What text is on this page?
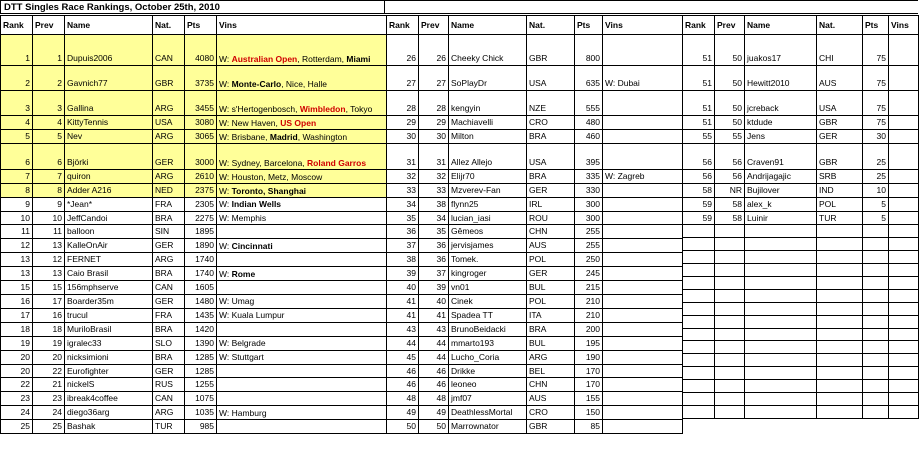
DTT Singles Race Rankings, October 25th, 2010
Rank	Prev	Name	Nat.	Pts	Vins
1	1	Dupuis2006	CAN	4080	W: Australian Open, Rotterdam, Miami
2	2	Gavnich77	GBR	3735	W: Monte-Carlo, Nice, Halle
3	3	Gallina	ARG	3455	W: s'Hertogenbosch, Wimbledon, Tokyo
4	4	KittyTennis	USA	3080	W: New Haven, US Open
5	5	Nev	ARG	3065	W: Brisbane, Madrid, Washington
6	6	Björki	GER	3000	W: Sydney, Barcelona, Roland Garros
7	7	quiron	ARG	2610	W: Houston, Metz, Moscow
8	8	Adder A216	NED	2375	W: Toronto, Shanghai
9	9	*Jean*	FRA	2305	W: Indian Wells
10	10	JeffCandoi	BRA	2275	W: Memphis
11	11	balloon	SIN	1895	
12	13	KalleOnAir	GER	1890	W: Cincinnati
13	12	FERNET	ARG	1740	
13	13	Caio Brasil	BRA	1740	W: Rome
15	15	156mphserve	CAN	1605	
16	17	Boarder35m	GER	1480	W: Umag
17	16	trucul	FRA	1435	W: Kuala Lumpur
18	18	MuriloBrasil	BRA	1420	
19	19	igralec33	SLO	1390	W: Belgrade
20	20	nicksimioni	BRA	1285	W: Stuttgart
20	22	Eurofighter	GER	1285	
22	21	nickelS	RUS	1255	
23	23	ibreak4coffee	CAN	1075	
24	24	diego36arg	ARG	1035	W: Hamburg
25	25	Bashak	TUR	985	
Rank	Prev	Name	Nat.	Pts	Vins
26	26	Cheeky Chick	GBR	800	
27	27	SoPlayDr	USA	635	W: Dubai
28	28	kengyin	NZE	555	
29	29	Machiavelli	CRO	480	
30	30	Milton	BRA	460	
31	31	Allez Allejo	USA	395	
32	32	Elijr70	BRA	335	W: Zagreb
33	33	Mzverev-Fan	GER	330	
34	38	flynn25	IRL	300	
35	34	lucian_iasi	ROU	300	
36	35	Gêmeos	CHN	255	
37	36	jervisjames	AUS	255	
38	36	Tomek.	POL	250	
39	37	kingroger	GER	245	
40	39	vn01	BUL	215	
41	40	Cinek	POL	210	
41	41	Spadea TT	ITA	210	
43	43	BrunoBeidacki	BRA	200	
44	44	mmarto193	BUL	195	
45	44	Lucho_Coria	ARG	190	
46	46	Drikke	BEL	170	
46	46	leoneo	CHN	170	
48	48	jmf07	AUS	155	
49	49	DeathlessMortal	CRO	150	
50	50	Marrownator	GBR	85	
Rank	Prev	Name	Nat.	Pts	Vins
51	50	juakos17	CHI	75	
51	50	Hewitt2010	AUS	75	
51	50	jcreback	USA	75	
51	50	ktdude	GBR	75	
55	55	Jens	GER	30	
56	56	Craven91	GBR	25	
56	56	Andrijagajic	SRB	25	
58	NR	Bujilover	IND	10	
59	58	alex_k	POL	5	
59	58	Luinir	TUR	5	
